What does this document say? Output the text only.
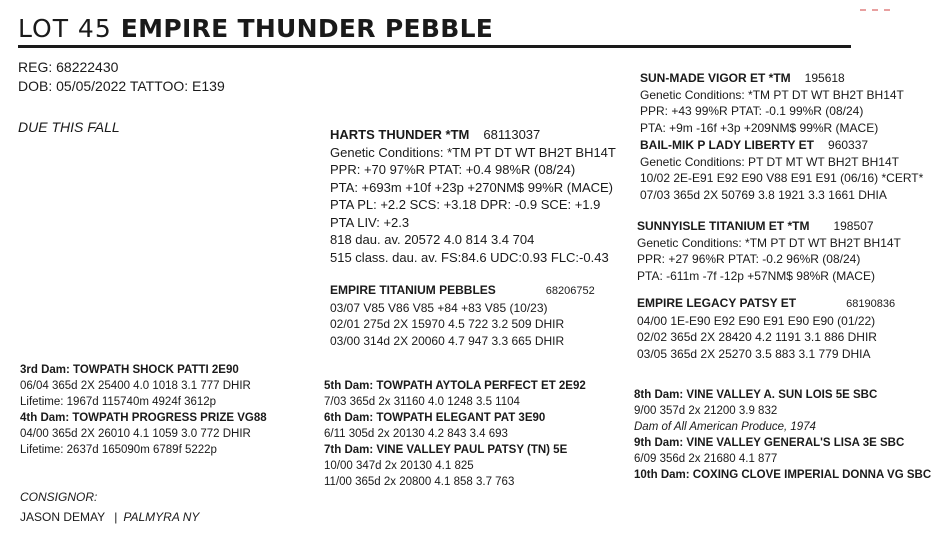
LOT 45 EMPIRE THUNDER PEBBLE
REG: 68222430
DOB: 05/05/2022 TATTOO: E139
DUE THIS FALL	HARTS THUNDER *TM 68113037
Genetic Conditions: *TM PT DT WT BH2T BH14T
PPR: +70 97%R PTAT: +0.4 98%R (08/24)
PTA: +693m +10f +23p +270NM$ 99%R (MACE)
PTA PL: +2.2 SCS: +3.18 DPR: -0.9 SCE: +1.9
PTA LIV: +2.3
818 dau. av. 20572 4.0 814 3.4 704
515 class. dau. av. FS:84.6 UDC:0.93 FLC:-0.43
SUN-MADE VIGOR ET *TM 195618
Genetic Conditions: *TM PT DT WT BH2T BH14T
PPR: +43 99%R PTAT: -0.1 99%R (08/24)
PTA: +9m -16f +3p +209NM$ 99%R (MACE)
BAIL-MIK P LADY LIBERTY ET 960337
Genetic Conditions: PT DT MT WT BH2T BH14T
10/02 2E-E91 E92 E90 V88 E91 E91 (06/16) *CERT*
07/03 365d 2X 50769 3.8 1921 3.3 1661 DHIA
EMPIRE TITANIUM PEBBLES	68206752
03/07 V85 V86 V85 +84 +83 V85 (10/23)
02/01 275d 2X 15970 4.5 722 3.2 509 DHIR
03/00 314d 2X 20060 4.7 947 3.3 665 DHIR
SUNNYISLE TITANIUM ET *TM 198507
Genetic Conditions: *TM PT DT WT BH2T BH14T
PPR: +27 96%R PTAT: -0.2 96%R (08/24)
PTA: -611m -7f -12p +57NM$ 98%R (MACE)
EMPIRE LEGACY PATSY ET	68190836
04/00 1E-E90 E92 E90 E91 E90 E90 (01/22)
02/02 365d 2X 28420 4.2 1191 3.1 886 DHIR
03/05 365d 2X 25270 3.5 883 3.1 779 DHIA
3rd Dam: TOWPATH SHOCK PATTI 2E90
06/04 365d 2X 25400 4.0 1018 3.1 777 DHIR
Lifetime: 1967d 115740m 4924f 3612p
4th Dam: TOWPATH PROGRESS PRIZE VG88
04/00 365d 2X 26010 4.1 1059 3.0 772 DHIR
Lifetime: 2637d 165090m 6789f 5222p
5th Dam: TOWPATH AYTOLA PERFECT ET 2E92
7/03 365d 2x 31160 4.0 1248 3.5 1104
6th Dam: TOWPATH ELEGANT PAT 3E90
6/11 305d 2x 20130 4.2 843 3.4 693
7th Dam: VINE VALLEY PAUL PATSY (TN) 5E
10/00 347d 2x 20130 4.1 825
11/00 365d 2x 20800 4.1 858 3.7 763
8th Dam: VINE VALLEY A. SUN LOIS 5E SBC
9/00 357d 2x 21200 3.9 832
Dam of All American Produce, 1974
9th Dam: VINE VALLEY GENERAL'S LISA 3E SBC
6/09 356d 2x 21680 4.1 877
10th Dam: COXING CLOVE IMPERIAL DONNA VG SBC
CONSIGNOR:
JASON DEMAY | PALMYRA NY
